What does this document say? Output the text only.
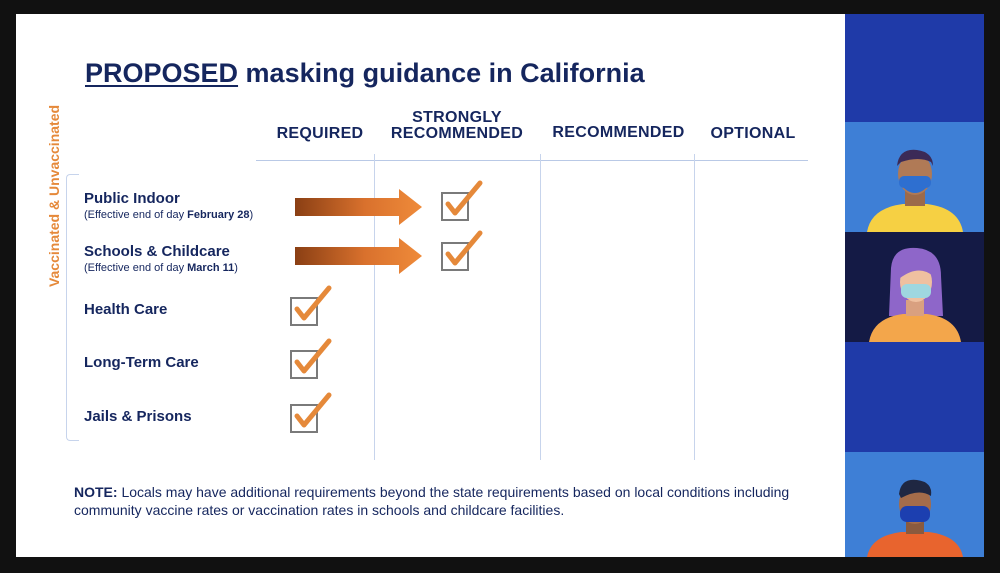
PROPOSED masking guidance in California
REQUIRED
STRONGLY
RECOMMENDED	RECOMMENDED	OPTIONAL
Vaccinated & Unvaccinated Public Indoor
(Effective end of day February 28)
Schools & Childcare
(Effective end of day March 11)
Health Care
Long-Term Care
Jails & Prisons

NOTE: Locals may have additional requirements beyond the state requirements based on local conditions including community vaccine rates or vaccination rates in schools and childcare facilities.
